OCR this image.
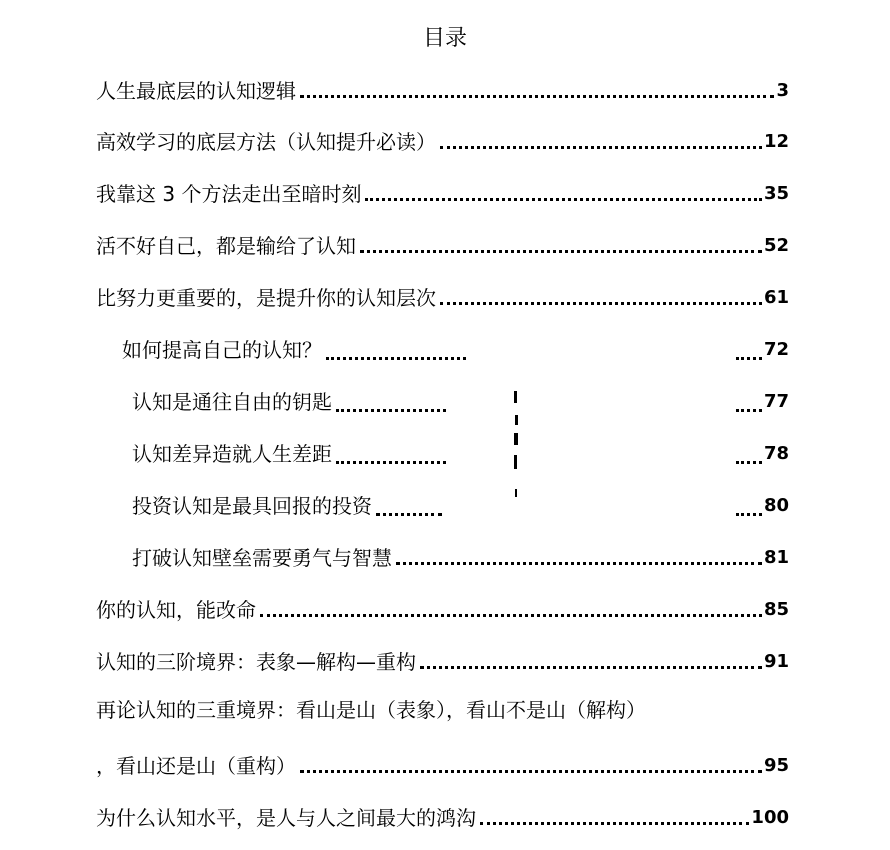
目录
人生最底层的认知逻辑	3
高效学习的底层方法（认知提升必读）	12
我靠这 3 个方法走出至暗时刻	35
活不好自己，都是输给了认知	52
比努力更重要的，是提升你的认知层次	61
如何提高自己的认知？	72
认知是通往自由的钥匙	77
认知差异造就人生差距	78
投资认知是最具回报的投资	80
打破认知壁垒需要勇气与智慧	81
你的认知，能改命	85
认知的三阶境界：表象—解构—重构	91
再论认知的三重境界：看山是山（表象），看山不是山（解构）
，看山还是山（重构）	95
为什么认知水平，是人与人之间最大的鸿沟	100
